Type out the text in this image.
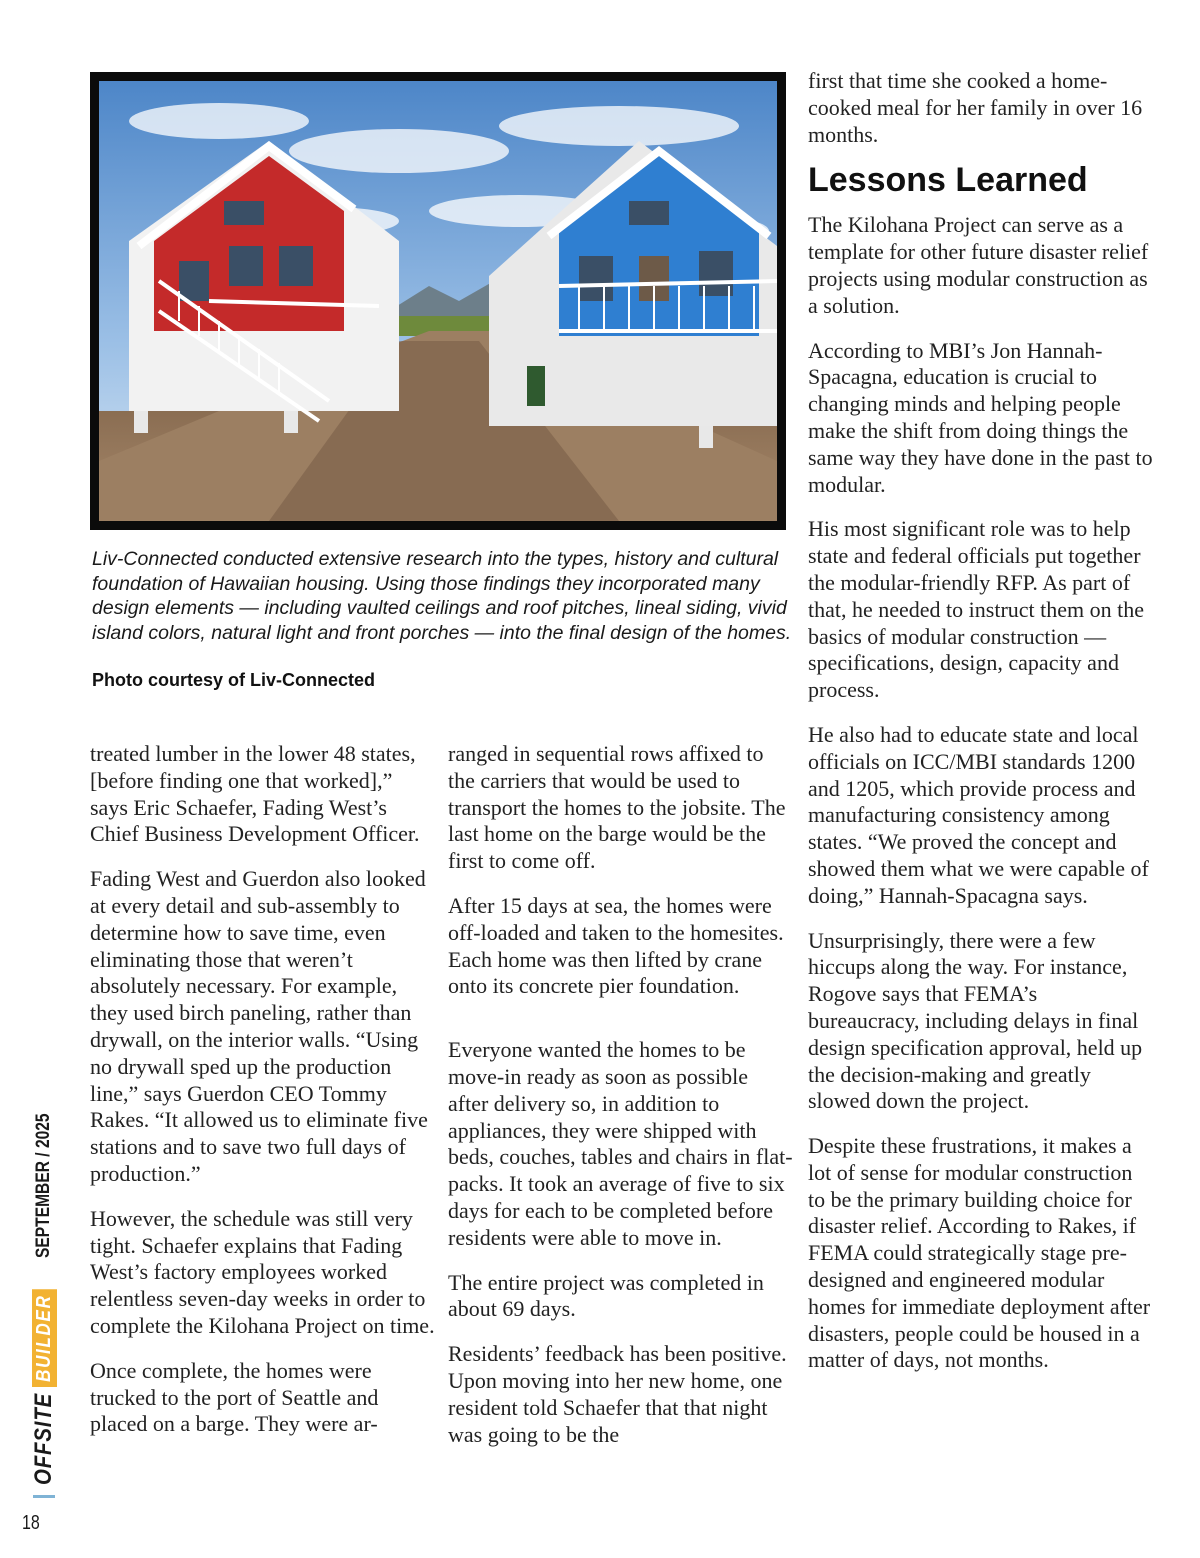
Liv-Connected conducted extensive research into the types, history and cultural foundation of Hawaiian housing. Using those findings they incorporated many design elements — including vaulted ceilings and roof pitches, lineal siding, vivid island colors, natural light and front porches — into the final design of the homes.
Photo courtesy of Liv-Connected

treated lumber in the lower 48 states, [before finding one that worked],” says Eric Schaefer, Fading West’s Chief Business Development Officer.

Fading West and Guerdon also looked at every detail and sub-assembly to determine how to save time, even eliminating those that weren’t absolutely necessary. For example, they used birch paneling, rather than drywall, on the interior walls. “Using no drywall sped up the production line,” says Guerdon CEO Tommy Rakes. “It allowed us to eliminate five stations and to save two full days of production.”

However, the schedule was still very tight. Schaefer explains that Fading West’s factory employees worked relentless seven-day weeks in order to complete the Kilohana Project on time.

Once complete, the homes were trucked to the port of Seattle and placed on a barge. They were ar-

ranged in sequential rows affixed to the carriers that would be used to transport the homes to the jobsite. The last home on the barge would be the first to come off.

After 15 days at sea, the homes were off-loaded and taken to the homesites. Each home was then lifted by crane onto its concrete pier foundation.

Everyone wanted the homes to be move-in ready as soon as possible after delivery so, in addition to appliances, they were shipped with beds, couches, tables and chairs in flat-packs. It took an average of five to six days for each to be completed before residents were able to move in.

The entire project was completed in about 69 days.

Residents’ feedback has been positive. Upon moving into her new home, one resident told Schaefer that that night was going to be the

first that time she cooked a home-cooked meal for her family in over 16 months.

Lessons Learned

The Kilohana Project can serve as a template for other future disaster relief projects using modular construction as a solution.

According to MBI’s Jon Hannah-Spacagna, education is crucial to changing minds and helping people make the shift from doing things the same way they have done in the past to modular.

His most significant role was to help state and federal officials put together the modular-friendly RFP. As part of that, he needed to instruct them on the basics of modular construction —specifications, design, capacity and process.

He also had to educate state and local officials on ICC/MBI standards 1200 and 1205, which provide process and manufacturing consistency among states. “We proved the concept and showed them what we were capable of doing,” Hannah-Spacagna says.

Unsurprisingly, there were a few hiccups along the way. For instance, Rogove says that FEMA’s bureaucracy, including delays in final design specification approval, held up the decision-making and greatly slowed down the project.

Despite these frustrations, it makes a lot of sense for modular construction to be the primary building choice for disaster relief. According to Rakes, if FEMA could strategically stage pre-designed and engineered modular homes for immediate deployment after disasters, people could be housed in a matter of days, not months.

OFFSITE
BUILDER
SEPTEMBER / 2025
18
